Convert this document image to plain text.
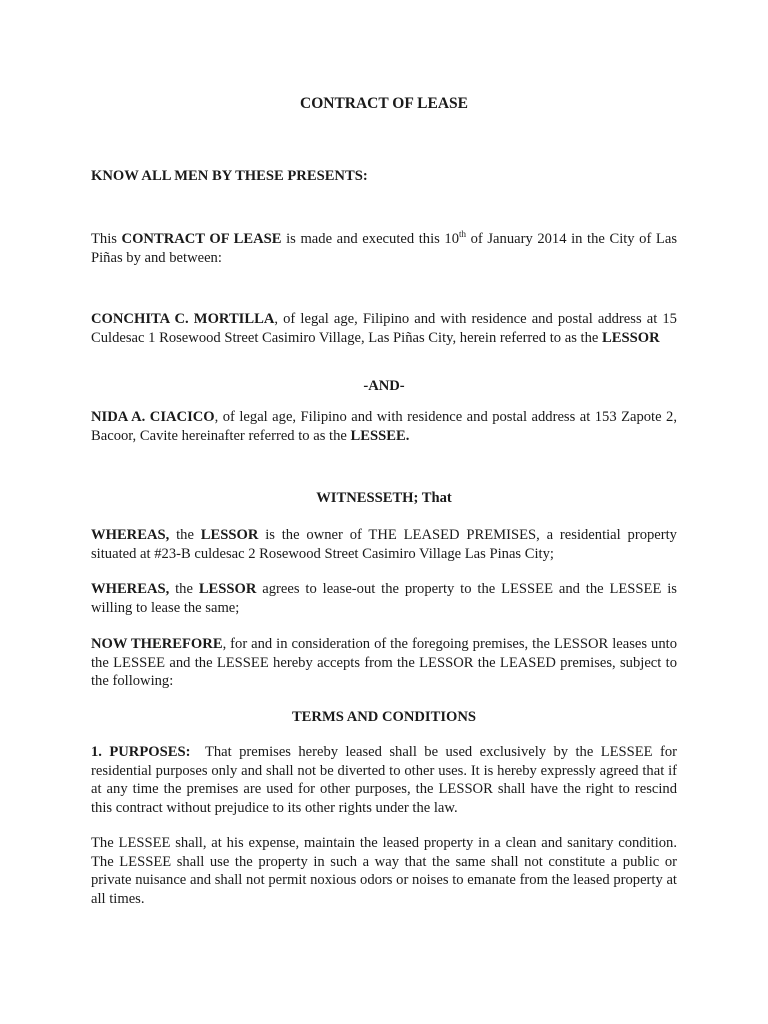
CONTRACT OF LEASE
KNOW ALL MEN BY THESE PRESENTS:
This CONTRACT OF LEASE is made and executed this 10th of January 2014 in the City of Las Piñas by and between:
CONCHITA C. MORTILLA, of legal age, Filipino and with residence and postal address at 15 Culdesac 1 Rosewood Street Casimiro Village, Las Piñas City, herein referred to as the LESSOR
-AND-
NIDA A. CIACICO, of legal age, Filipino and with residence and postal address at 153 Zapote 2, Bacoor, Cavite hereinafter referred to as the LESSEE.
WITNESSETH; That
WHEREAS, the LESSOR is the owner of THE LEASED PREMISES, a residential property situated at #23-B culdesac 2 Rosewood Street Casimiro Village Las Pinas City;
WHEREAS, the LESSOR agrees to lease-out the property to the LESSEE and the LESSEE is willing to lease the same;
NOW THEREFORE, for and in consideration of the foregoing premises, the LESSOR leases unto the LESSEE and the LESSEE hereby accepts from the LESSOR the LEASED premises, subject to the following:
TERMS AND CONDITIONS
1. PURPOSES:  That premises hereby leased shall be used exclusively by the LESSEE for residential purposes only and shall not be diverted to other uses. It is hereby expressly agreed that if at any time the premises are used for other purposes, the LESSOR shall have the right to rescind this contract without prejudice to its other rights under the law.
The LESSEE shall, at his expense, maintain the leased property in a clean and sanitary condition. The LESSEE shall use the property in such a way that the same shall not constitute a public or private nuisance and shall not permit noxious odors or noises to emanate from the leased property at all times.
